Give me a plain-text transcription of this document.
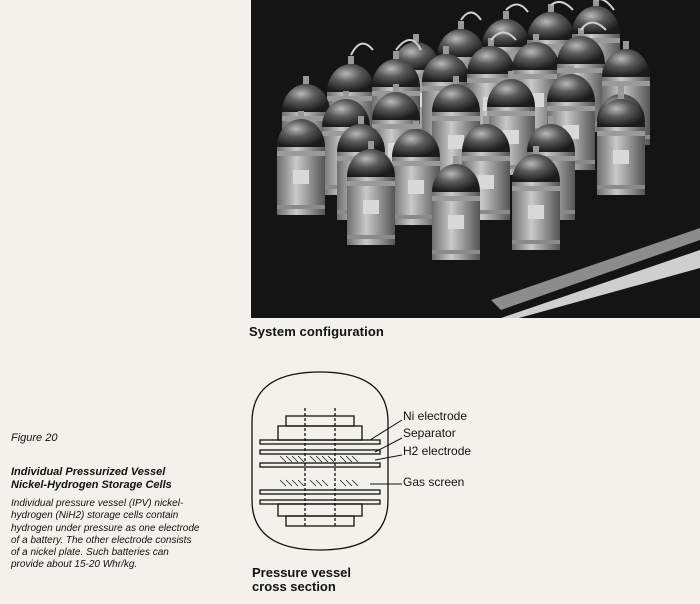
System configuration
Figure 20
Individual Pressurized Vessel
Nickel-Hydrogen Storage Cells
Individual pressure vessel (IPV) nickel-
hydrogen (NiH2) storage cells contain
hydrogen under pressure as one electrode
of a battery. The other electrode consists
of a nickel plate. Such batteries can
provide about 15-20 Whr/kg.
Ni electrode
Separator
H2 electrode
Gas screen
Pressure vessel
cross section
